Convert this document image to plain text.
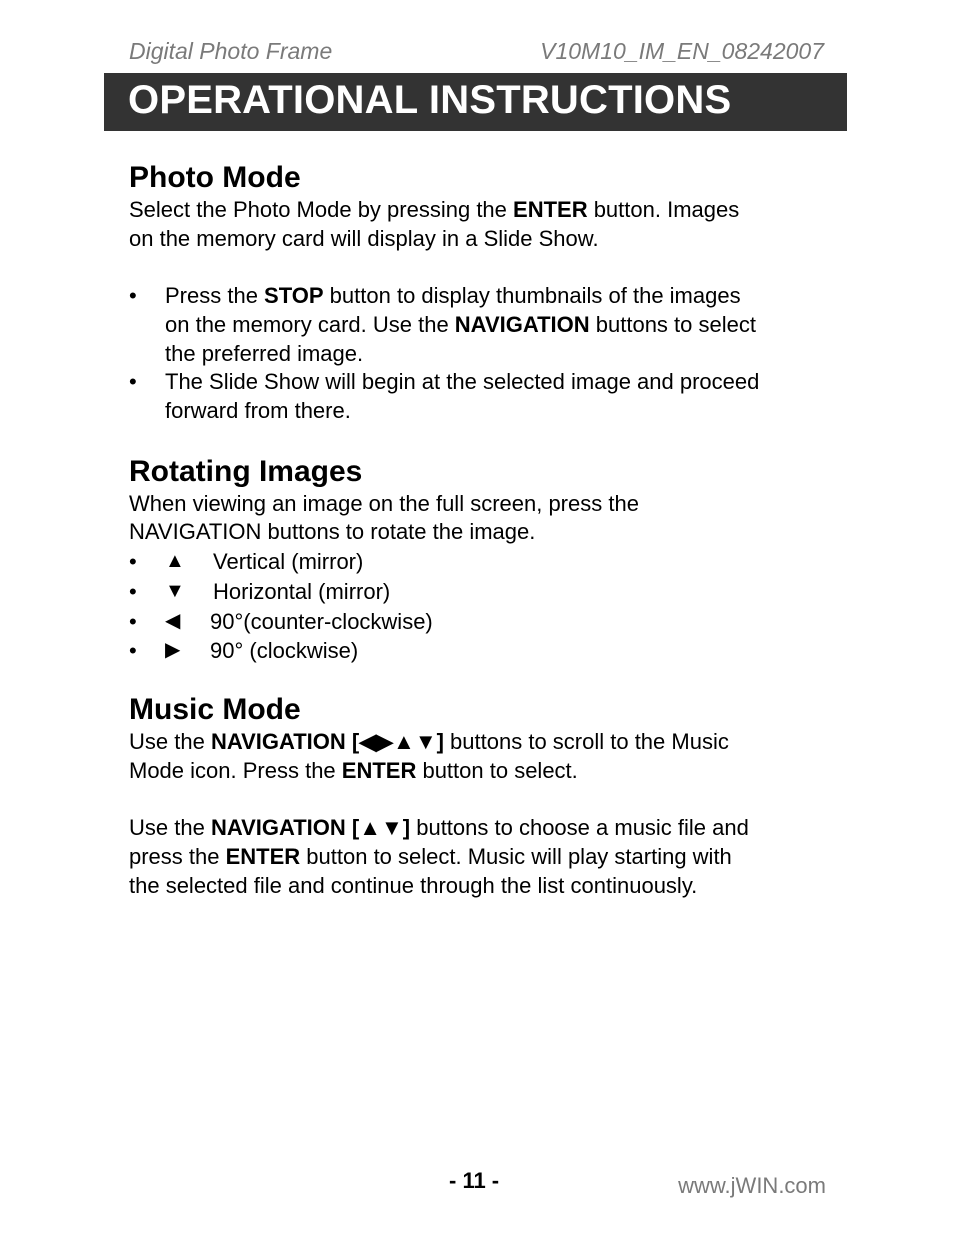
Digital Photo Frame	V10M10_IM_EN_08242007
OPERATIONAL INSTRUCTIONS
Photo Mode

Select the Photo Mode by pressing the ENTER button. Images
on the memory card will display in a Slide Show.

• Press the STOP button to display thumbnails of the images
on the memory card. Use the NAVIGATION buttons to select
the preferred image.
• The Slide Show will begin at the selected image and proceed
forward from there.
Rotating Images

When viewing an image on the full screen, press the
NAVIGATION buttons to rotate the image.

• ▲ Vertical (mirror)
• ▼ Horizontal (mirror)
• ◀ 90°(counter-clockwise)
• ▶ 90° (clockwise)
Music Mode

Use the NAVIGATION [◀▶▲▼] buttons to scroll to the Music
Mode icon. Press the ENTER button to select.

Use the NAVIGATION [▲▼] buttons to choose a music file and
press the ENTER button to select. Music will play starting with
the selected file and continue through the list continuously.

- 11 -	www.jWIN.com
